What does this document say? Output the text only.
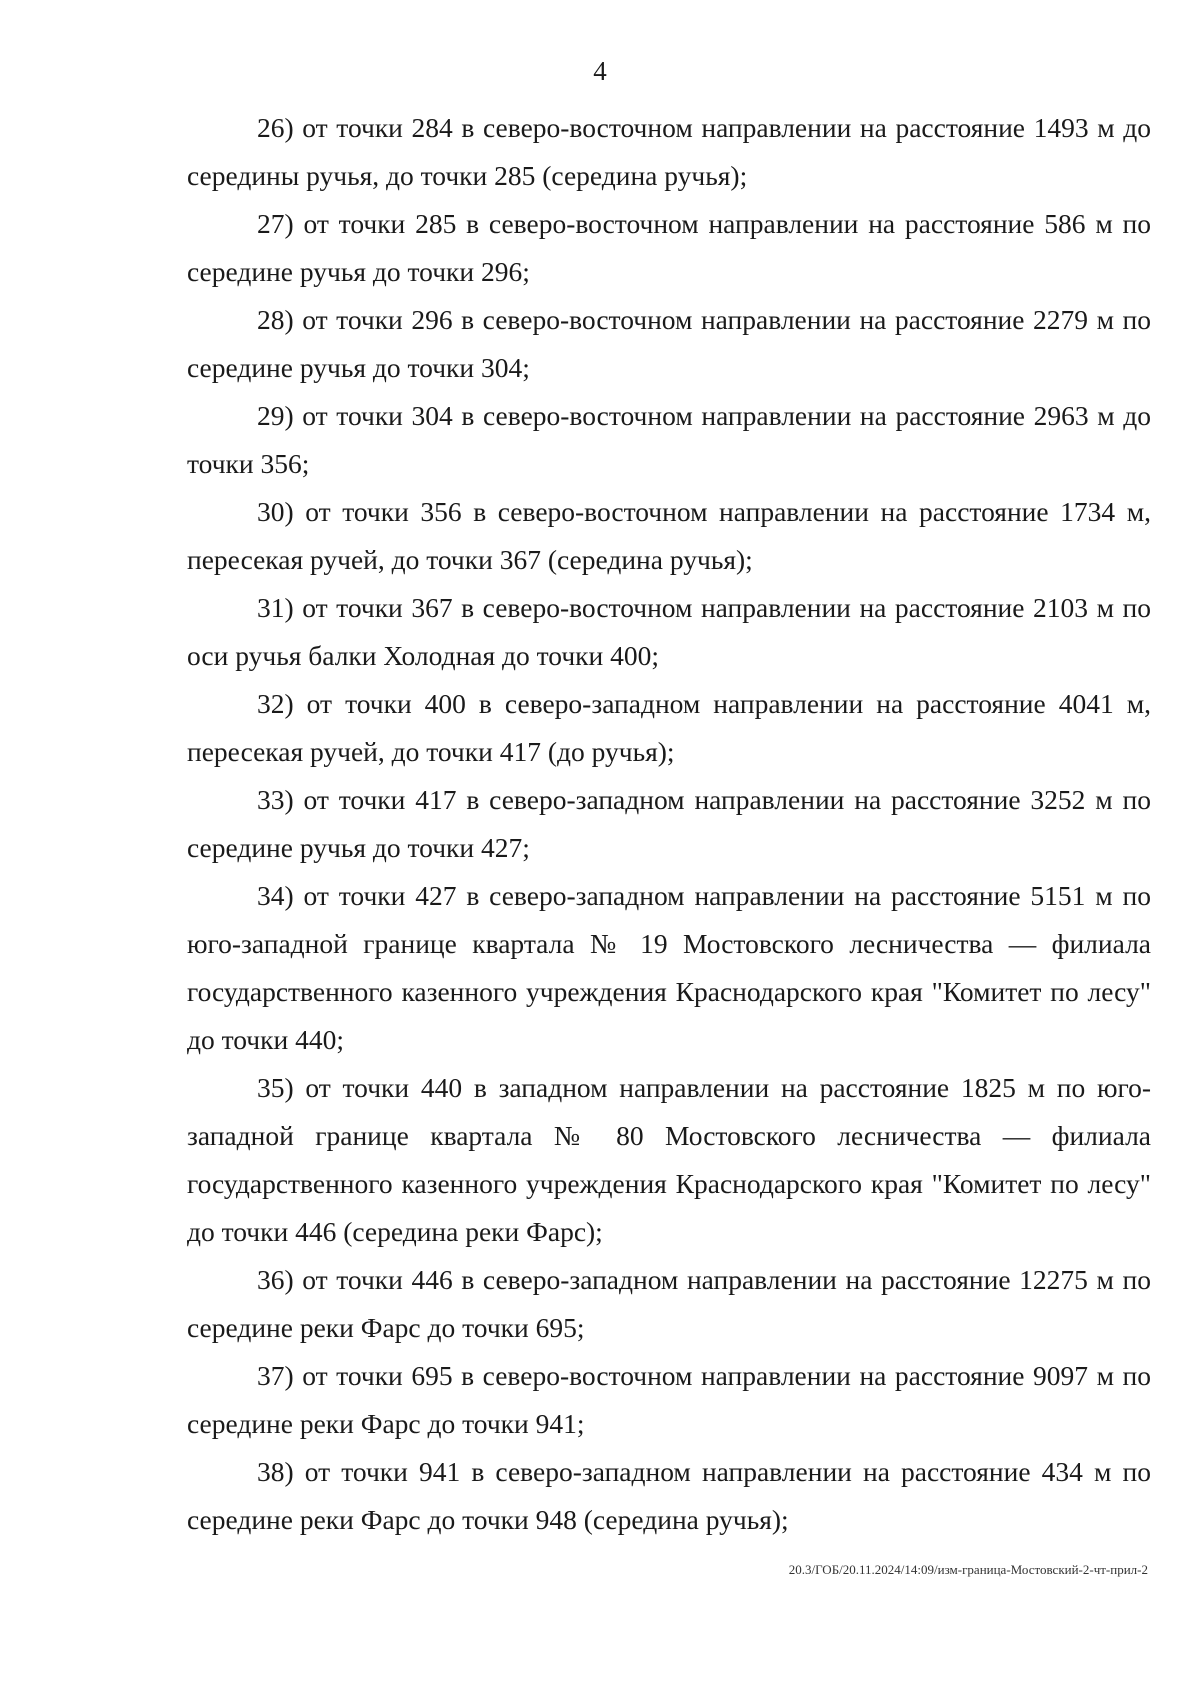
4

26) от точки 284 в северо-восточном направлении на расстояние 1493 м до середины ручья, до точки 285 (середина ручья);

27) от точки 285 в северо-восточном направлении на расстояние 586 м по середине ручья до точки 296;

28) от точки 296 в северо-восточном направлении на расстояние 2279 м по середине ручья до точки 304;

29) от точки 304 в северо-восточном направлении на расстояние 2963 м до точки 356;

30) от точки 356 в северо-восточном направлении на расстояние 1734 м, пересекая ручей, до точки 367 (середина ручья);

31) от точки 367 в северо-восточном направлении на расстояние 2103 м по оси ручья балки Холодная до точки 400;

32) от точки 400 в северо-западном направлении на расстояние 4041 м, пересекая ручей, до точки 417 (до ручья);

33) от точки 417 в северо-западном направлении на расстояние 3252 м по середине ручья до точки 427;

34) от точки 427 в северо-западном направлении на расстояние 5151 м по юго-западной границе квартала № 19 Мостовского лесничества — филиала государственного казенного учреждения Краснодарского края "Комитет по лесу" до точки 440;

35) от точки 440 в западном направлении на расстояние 1825 м по юго-западной границе квартала № 80 Мостовского лесничества — филиала государственного казенного учреждения Краснодарского края "Комитет по лесу" до точки 446 (середина реки Фарс);

36) от точки 446 в северо-западном направлении на расстояние 12275 м по середине реки Фарс до точки 695;

37) от точки 695 в северо-восточном направлении на расстояние 9097 м по середине реки Фарс до точки 941;

38) от точки 941 в северо-западном направлении на расстояние 434 м по середине реки Фарс до точки 948 (середина ручья);

20.3/ГОБ/20.11.2024/14:09/изм-граница-Мостовский-2-чт-прил-2
